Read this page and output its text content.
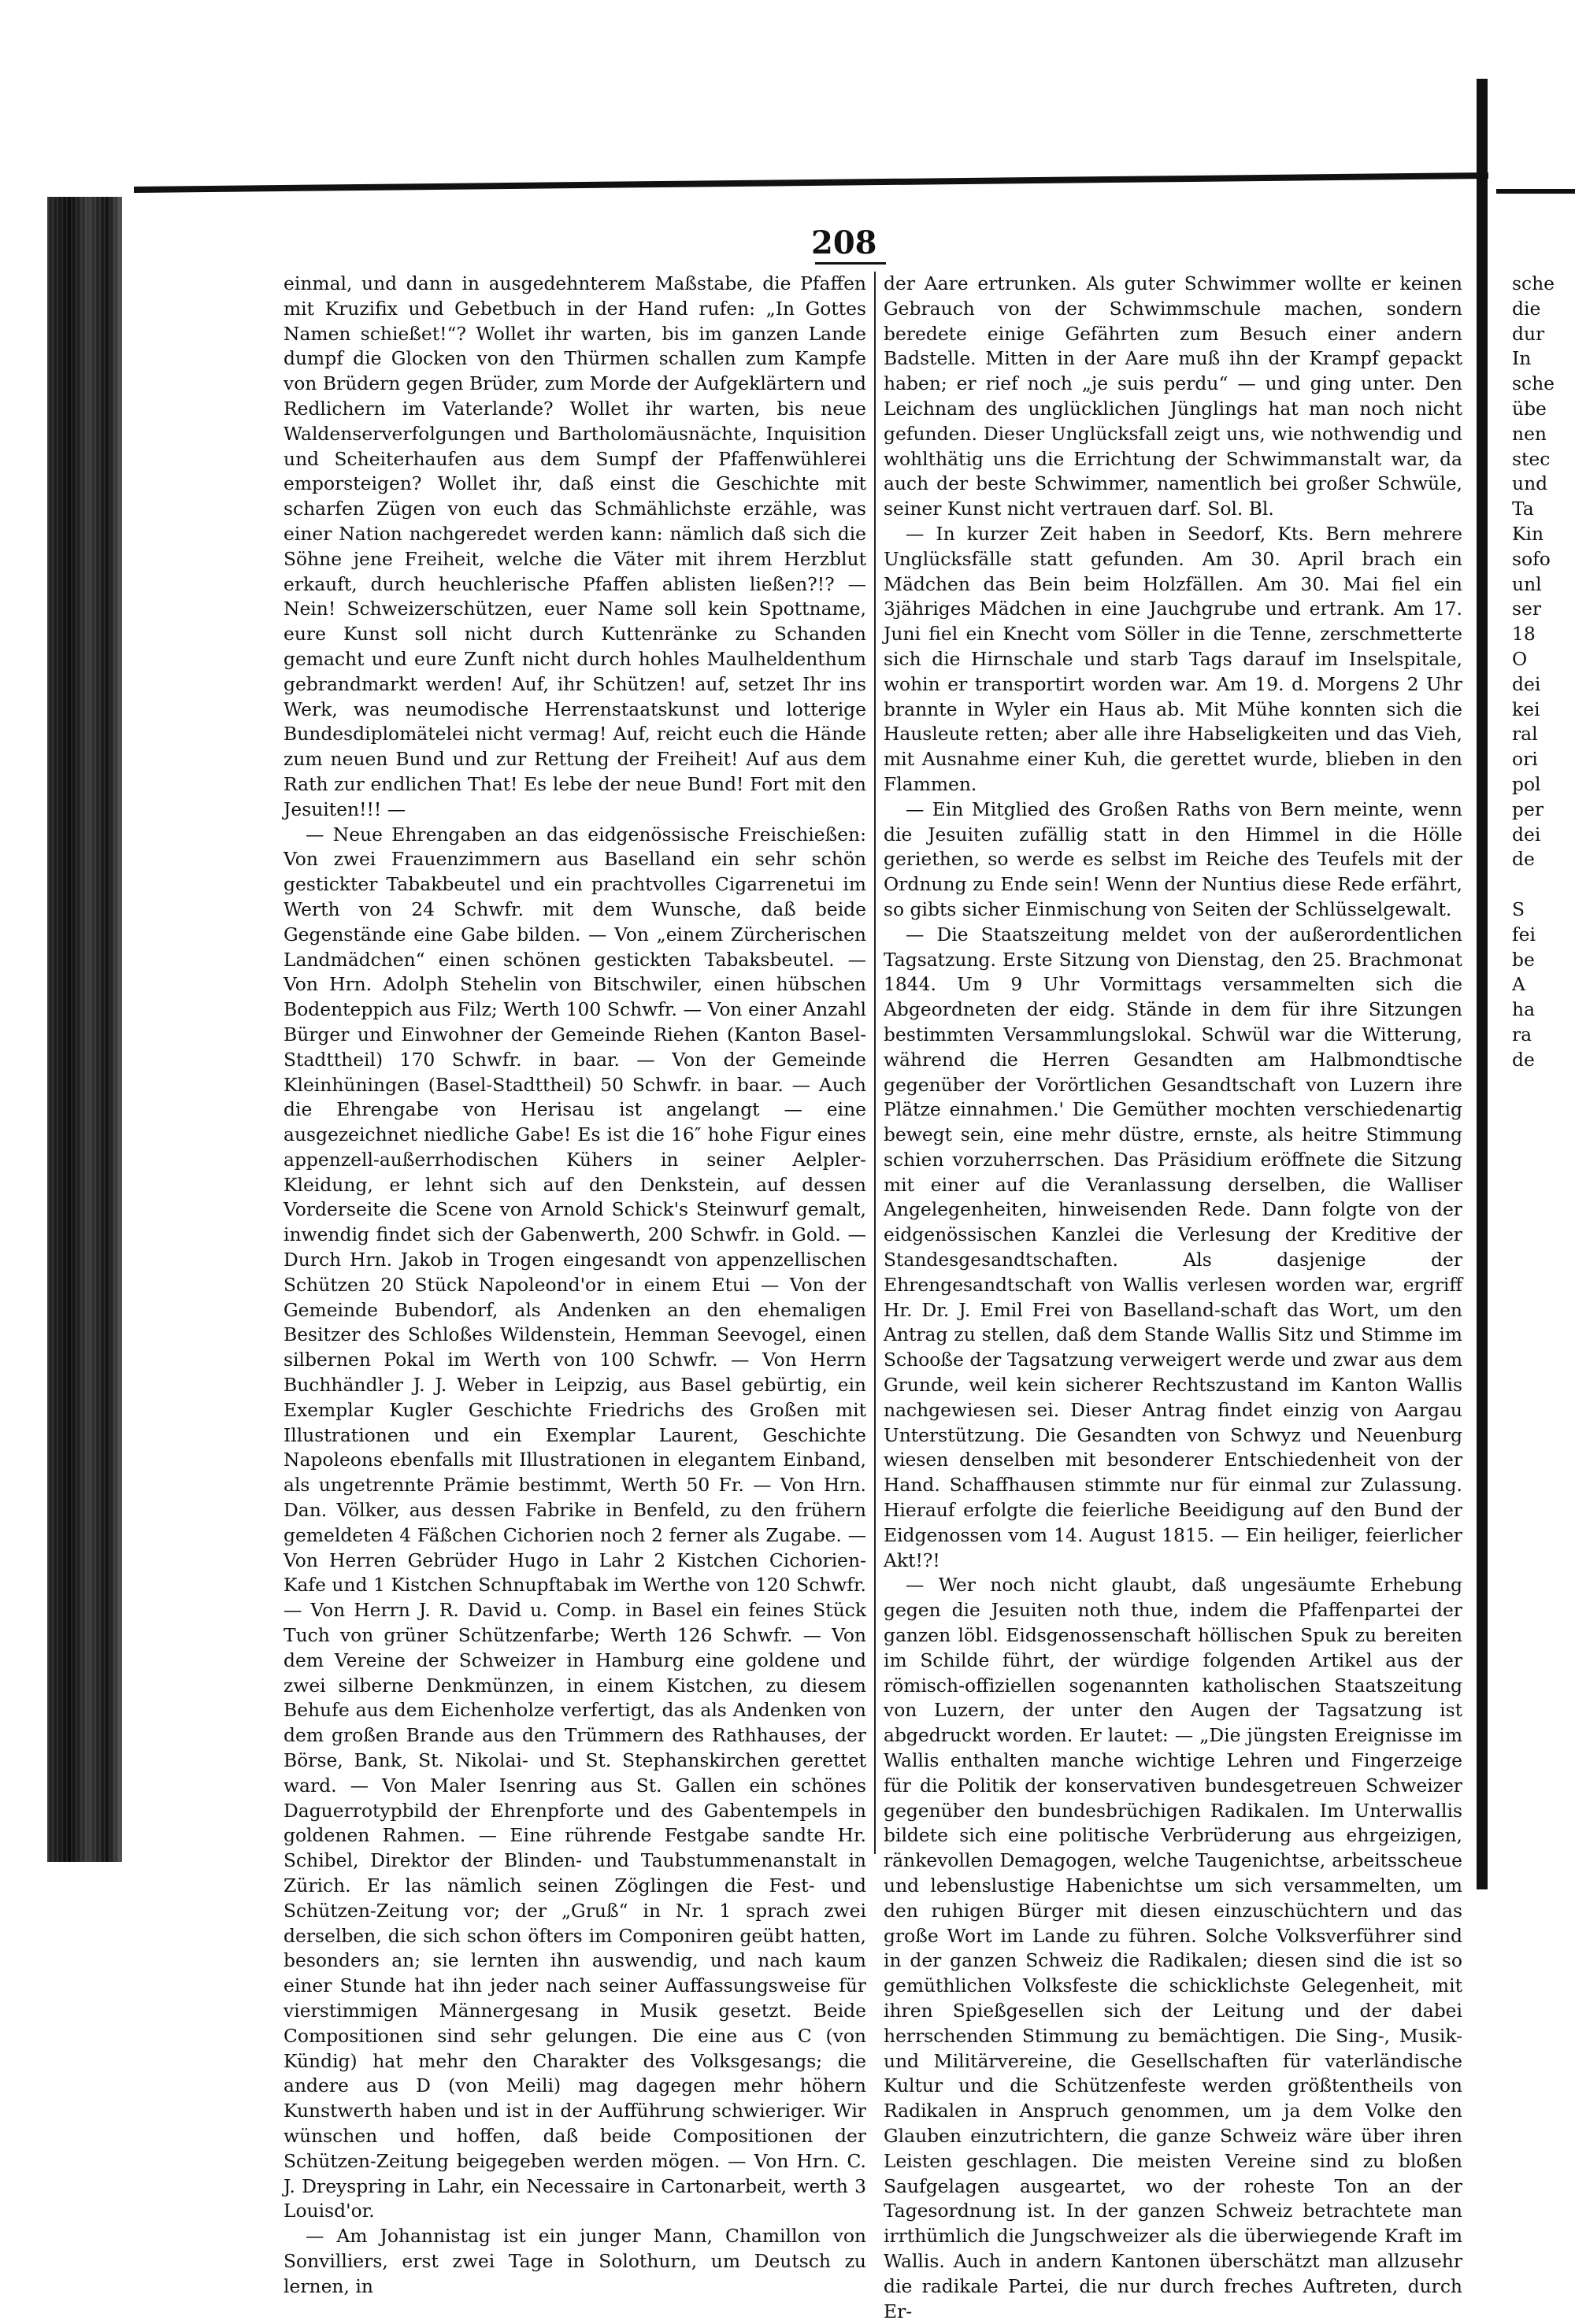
208

einmal, und dann in ausgedehnterem Maßstabe, die Pfaffen mit Kruzifix und Gebetbuch in der Hand rufen: „In Gottes Namen schießet!“? Wollet ihr warten, bis im ganzen Lande dumpf die Glocken von den Thürmen schallen zum Kampfe von Brüdern gegen Brüder, zum Morde der Aufgeklärtern und Redlichern im Vaterlande? Wollet ihr warten, bis neue Waldenserverfolgungen und Bartholomäusnächte, Inquisition und Scheiterhaufen aus dem Sumpf der Pfaffenwühlerei emporsteigen? Wollet ihr, daß einst die Geschichte mit scharfen Zügen von euch das Schmählichste erzähle, was einer Nation nachgeredet werden kann: nämlich daß sich die Söhne jene Freiheit, welche die Väter mit ihrem Herzblut erkauft, durch heuchlerische Pfaffen ablisten ließen?!? — Nein! Schweizerschützen, euer Name soll kein Spottname, eure Kunst soll nicht durch Kuttenränke zu Schanden gemacht und eure Zunft nicht durch hohles Maulheldenthum gebrandmarkt werden! Auf, ihr Schützen! auf, setzet Ihr ins Werk, was neumodische Herrenstaatskunst und lotterige Bundesdiplomätelei nicht vermag! Auf, reicht euch die Hände zum neuen Bund und zur Rettung der Freiheit! Auf aus dem Rath zur endlichen That! Es lebe der neue Bund! Fort mit den Jesuiten!!! —

— Neue Ehrengaben an das eidgenössische Freischießen: Von zwei Frauenzimmern aus Baselland ein sehr schön gestickter Tabakbeutel und ein prachtvolles Cigarrenetui im Werth von 24 Schwfr. mit dem Wunsche, daß beide Gegenstände eine Gabe bilden. — Von „einem Zürcherischen Landmädchen“ einen schönen gestickten Tabaksbeutel. — Von Hrn. Adolph Stehelin von Bitschwiler, einen hübschen Bodenteppich aus Filz; Werth 100 Schwfr. — Von einer Anzahl Bürger und Einwohner der Gemeinde Riehen (Kanton Basel-Stadttheil) 170 Schwfr. in baar. — Von der Gemeinde Kleinhüningen (Basel-Stadttheil) 50 Schwfr. in baar. — Auch die Ehrengabe von Herisau ist angelangt — eine ausgezeichnet niedliche Gabe! Es ist die 16″ hohe Figur eines appenzell-außerrhodischen Kühers in seiner Aelpler-Kleidung, er lehnt sich auf den Denkstein, auf dessen Vorderseite die Scene von Arnold Schick's Steinwurf gemalt, inwendig findet sich der Gabenwerth, 200 Schwfr. in Gold. — Durch Hrn. Jakob in Trogen eingesandt von appenzellischen Schützen 20 Stück Napoleond'or in einem Etui — Von der Gemeinde Bubendorf, als Andenken an den ehemaligen Besitzer des Schloßes Wildenstein, Hemman Seevogel, einen silbernen Pokal im Werth von 100 Schwfr. — Von Herrn Buchhändler J. J. Weber in Leipzig, aus Basel gebürtig, ein Exemplar Kugler Geschichte Friedrichs des Großen mit Illustrationen und ein Exemplar Laurent, Geschichte Napoleons ebenfalls mit Illustrationen in elegantem Einband, als ungetrennte Prämie bestimmt, Werth 50 Fr. — Von Hrn. Dan. Völker, aus dessen Fabrike in Benfeld, zu den frühern gemeldeten 4 Fäßchen Cichorien noch 2 ferner als Zugabe. — Von Herren Gebrüder Hugo in Lahr 2 Kistchen Cichorien-Kafe und 1 Kistchen Schnupftabak im Werthe von 120 Schwfr. — Von Herrn J. R. David u. Comp. in Basel ein feines Stück Tuch von grüner Schützenfarbe; Werth 126 Schwfr. — Von dem Vereine der Schweizer in Hamburg eine goldene und zwei silberne Denkmünzen, in einem Kistchen, zu diesem Behufe aus dem Eichenholze verfertigt, das als Andenken von dem großen Brande aus den Trümmern des Rathhauses, der Börse, Bank, St. Nikolai- und St. Stephanskirchen gerettet ward. — Von Maler Isenring aus St. Gallen ein schönes Daguerrotypbild der Ehrenpforte und des Gabentempels in goldenen Rahmen. — Eine rührende Festgabe sandte Hr. Schibel, Direktor der Blinden- und Taubstummenanstalt in Zürich. Er las nämlich seinen Zöglingen die Fest- und Schützen-Zeitung vor; der „Gruß“ in Nr. 1 sprach zwei derselben, die sich schon öfters im Componiren geübt hatten, besonders an; sie lernten ihn auswendig, und nach kaum einer Stunde hat ihn jeder nach seiner Auffassungsweise für vierstimmigen Männergesang in Musik gesetzt. Beide Compositionen sind sehr gelungen. Die eine aus C (von Kündig) hat mehr den Charakter des Volksgesangs; die andere aus D (von Meili) mag dagegen mehr höhern Kunstwerth haben und ist in der Aufführung schwieriger. Wir wünschen und hoffen, daß beide Compositionen der Schützen-Zeitung beigegeben werden mögen. — Von Hrn. C. J. Dreyspring in Lahr, ein Necessaire in Cartonarbeit, werth 3 Louisd'or.

— Am Johannistag ist ein junger Mann, Chamillon von Sonvilliers, erst zwei Tage in Solothurn, um Deutsch zu lernen, in

der Aare ertrunken. Als guter Schwimmer wollte er keinen Gebrauch von der Schwimmschule machen, sondern beredete einige Gefährten zum Besuch einer andern Badstelle. Mitten in der Aare muß ihn der Krampf gepackt haben; er rief noch „je suis perdu“ — und ging unter. Den Leichnam des unglücklichen Jünglings hat man noch nicht gefunden. Dieser Unglücksfall zeigt uns, wie nothwendig und wohlthätig uns die Errichtung der Schwimmanstalt war, da auch der beste Schwimmer, namentlich bei großer Schwüle, seiner Kunst nicht vertrauen darf. Sol. Bl.

— In kurzer Zeit haben in Seedorf, Kts. Bern mehrere Unglücksfälle statt gefunden. Am 30. April brach ein Mädchen das Bein beim Holzfällen. Am 30. Mai fiel ein 3jähriges Mädchen in eine Jauchgrube und ertrank. Am 17. Juni fiel ein Knecht vom Söller in die Tenne, zerschmetterte sich die Hirnschale und starb Tags darauf im Inselspitale, wohin er transportirt worden war. Am 19. d. Morgens 2 Uhr brannte in Wyler ein Haus ab. Mit Mühe konnten sich die Hausleute retten; aber alle ihre Habseligkeiten und das Vieh, mit Ausnahme einer Kuh, die gerettet wurde, blieben in den Flammen.

— Ein Mitglied des Großen Raths von Bern meinte, wenn die Jesuiten zufällig statt in den Himmel in die Hölle geriethen, so werde es selbst im Reiche des Teufels mit der Ordnung zu Ende sein! Wenn der Nuntius diese Rede erfährt, so gibts sicher Einmischung von Seiten der Schlüsselgewalt.

— Die Staatszeitung meldet von der außerordentlichen Tagsatzung. Erste Sitzung von Dienstag, den 25. Brachmonat 1844. Um 9 Uhr Vormittags versammelten sich die Abgeordneten der eidg. Stände in dem für ihre Sitzungen bestimmten Versammlungslokal. Schwül war die Witterung, während die Herren Gesandten am Halbmondtische gegenüber der Vorörtlichen Gesandtschaft von Luzern ihre Plätze einnahmen.' Die Gemüther mochten verschiedenartig bewegt sein, eine mehr düstre, ernste, als heitre Stimmung schien vorzuherrschen. Das Präsidium eröffnete die Sitzung mit einer auf die Veranlassung derselben, die Walliser Angelegenheiten, hinweisenden Rede. Dann folgte von der eidgenössischen Kanzlei die Verlesung der Kreditive der Standesgesandtschaften. Als dasjenige der Ehrengesandtschaft von Wallis verlesen worden war, ergriff Hr. Dr. J. Emil Frei von Baselland-schaft das Wort, um den Antrag zu stellen, daß dem Stande Wallis Sitz und Stimme im Schooße der Tagsatzung verweigert werde und zwar aus dem Grunde, weil kein sicherer Rechtszustand im Kanton Wallis nachgewiesen sei. Dieser Antrag findet einzig von Aargau Unterstützung. Die Gesandten von Schwyz und Neuenburg wiesen denselben mit besonderer Entschiedenheit von der Hand. Schaffhausen stimmte nur für einmal zur Zulassung. Hierauf erfolgte die feierliche Beeidigung auf den Bund der Eidgenossen vom 14. August 1815. — Ein heiliger, feierlicher Akt!?!

— Wer noch nicht glaubt, daß ungesäumte Erhebung gegen die Jesuiten noth thue, indem die Pfaffenpartei der ganzen löbl. Eidsgenossenschaft höllischen Spuk zu bereiten im Schilde führt, der würdige folgenden Artikel aus der römisch-offiziellen sogenannten katholischen Staatszeitung von Luzern, der unter den Augen der Tagsatzung ist abgedruckt worden. Er lautet: — „Die jüngsten Ereignisse im Wallis enthalten manche wichtige Lehren und Fingerzeige für die Politik der konservativen bundesgetreuen Schweizer gegenüber den bundesbrüchigen Radikalen. Im Unterwallis bildete sich eine politische Verbrüderung aus ehrgeizigen, ränkevollen Demagogen, welche Taugenichtse, arbeitsscheue und lebenslustige Habenichtse um sich versammelten, um den ruhigen Bürger mit diesen einzuschüchtern und das große Wort im Lande zu führen. Solche Volksverführer sind in der ganzen Schweiz die Radikalen; diesen sind die ist so gemüthlichen Volksfeste die schicklichste Gelegenheit, mit ihren Spießgesellen sich der Leitung und der dabei herrschenden Stimmung zu bemächtigen. Die Sing-, Musik- und Militärvereine, die Gesellschaften für vaterländische Kultur und die Schützenfeste werden größtentheils von Radikalen in Anspruch genommen, um ja dem Volke den Glauben einzutrichtern, die ganze Schweiz wäre über ihren Leisten geschlagen. Die meisten Vereine sind zu bloßen Saufgelagen ausgeartet, wo der roheste Ton an der Tagesordnung ist. In der ganzen Schweiz betrachtete man irrthümlich die Jungschweizer als die überwiegende Kraft im Wallis. Auch in andern Kantonen überschätzt man allzusehr die radikale Partei, die nur durch freches Auftreten, durch Er-

sche
die
dur
In
sche
übe
nen
stec
und
Ta
Kin
sofo
unl
ser
18
O
dei
kei
ral
ori
pol
per
dei
de
S
fei
be
A
ha
ra
de
